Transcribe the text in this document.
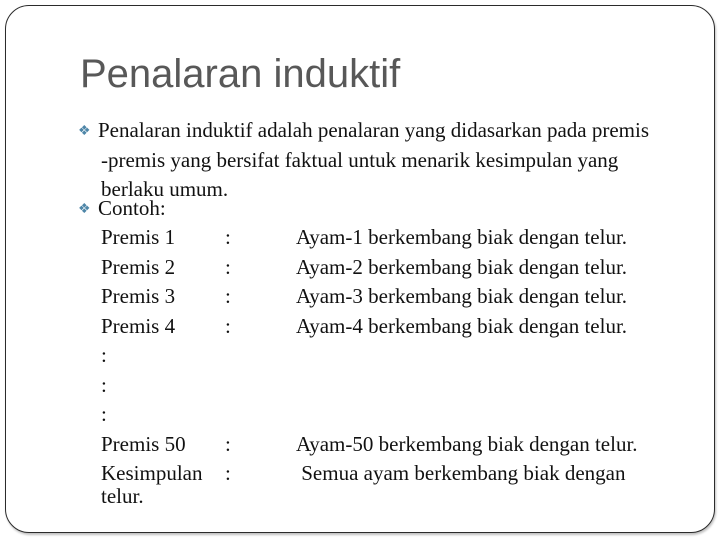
Penalaran induktif
❖ Penalaran induktif adalah penalaran yang didasarkan pada premis
-premis yang bersifat faktual untuk menarik kesimpulan yang
berlaku umum.
❖ Contoh:
Premis 1 :	Ayam-1 berkembang biak dengan telur.
Premis 2 :	Ayam-2 berkembang biak dengan telur.
Premis 3 :	Ayam-3 berkembang biak dengan telur.
Premis 4 :	Ayam-4 berkembang biak dengan telur.
:
:
:
Premis 50 :	Ayam-50 berkembang biak dengan telur.
Kesimpulan :	Semua ayam berkembang biak dengan
telur.
